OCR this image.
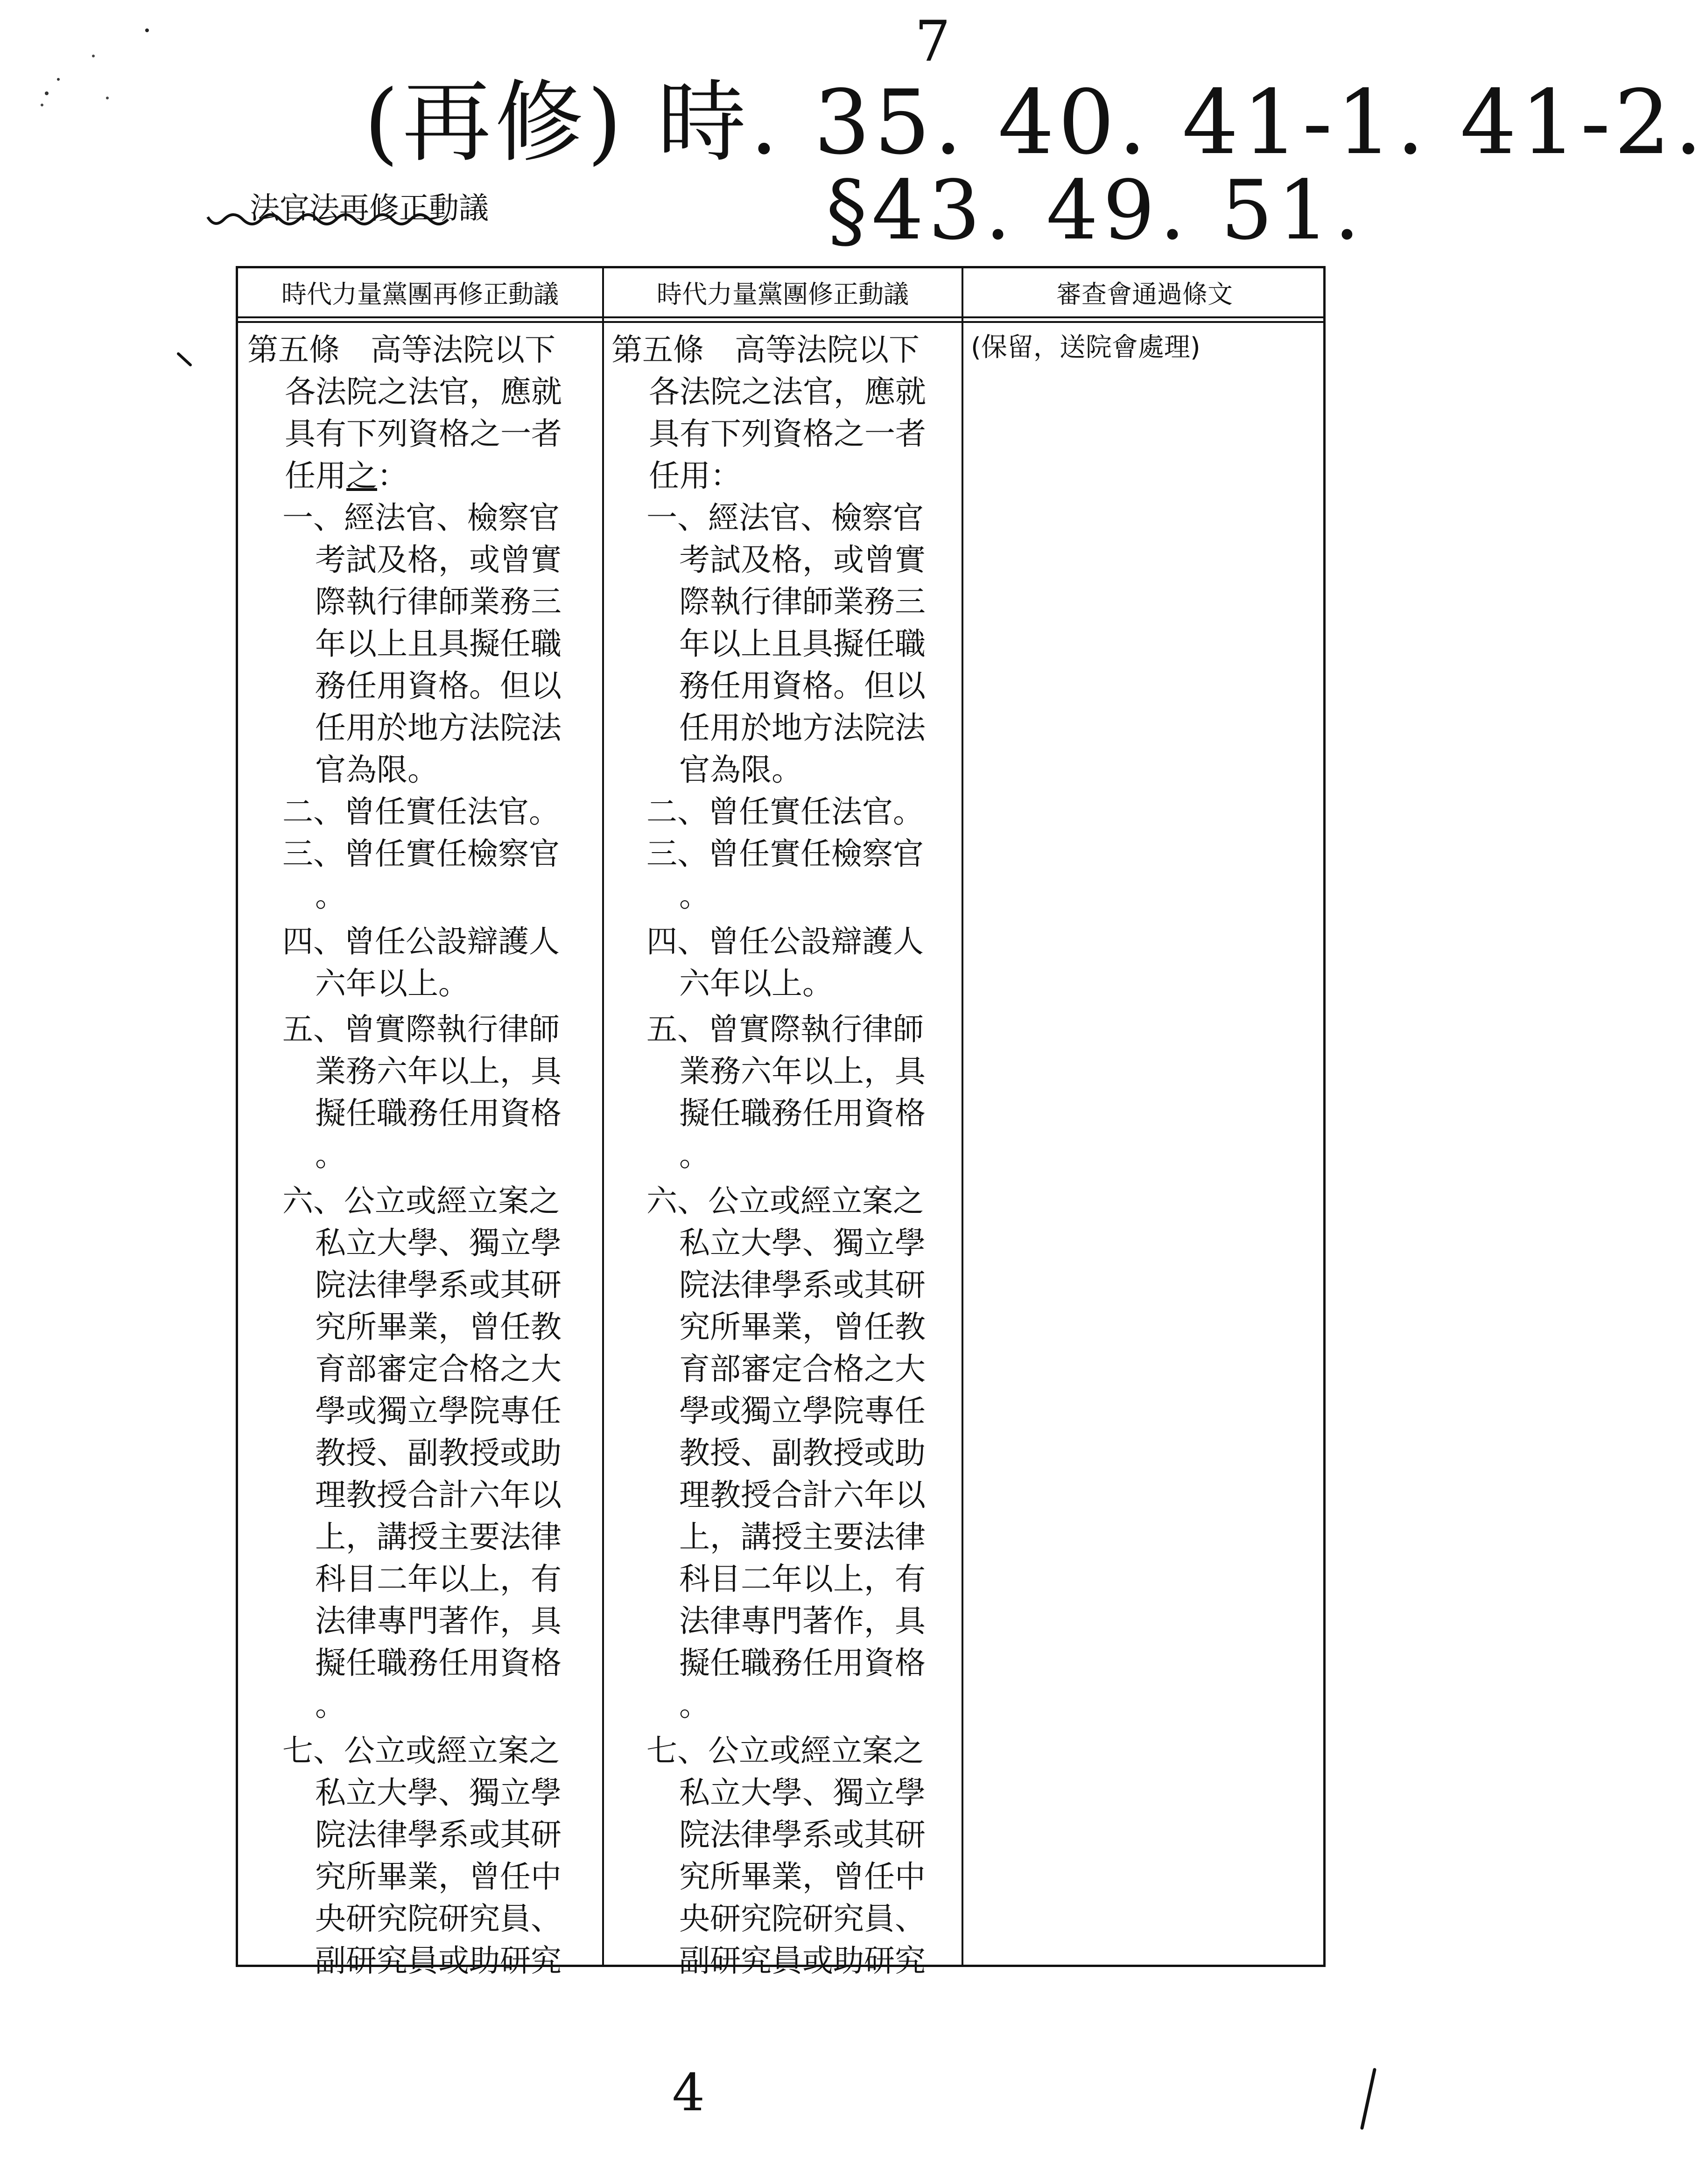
(再修) 時. 35. 40. 41-1. 41-2.
7
§43. 49. 51.
法官法再修正動議
時代力量黨團再修正動議	時代力量黨團修正動議	審查會通過條文
第五條　高等法院以下
各法院之法官，應就
具有下列資格之一者
任用之：
一、經法官、檢察官
考試及格，或曾實
際執行律師業務三
年以上且具擬任職
務任用資格。但以
任用於地方法院法
官為限。
二、曾任實任法官。
三、曾任實任檢察官
。
四、曾任公設辯護人
六年以上。
五、曾實際執行律師
業務六年以上，具
擬任職務任用資格
。
六、公立或經立案之
私立大學、獨立學
院法律學系或其研
究所畢業，曾任教
育部審定合格之大
學或獨立學院專任
教授、副教授或助
理教授合計六年以
上，講授主要法律
科目二年以上，有
法律專門著作，具
擬任職務任用資格
。
七、公立或經立案之
私立大學、獨立學
院法律學系或其研
究所畢業，曾任中
央研究院研究員、
副研究員或助研究
第五條　高等法院以下
各法院之法官，應就
具有下列資格之一者
任用：
一、經法官、檢察官
考試及格，或曾實
際執行律師業務三
年以上且具擬任職
務任用資格。但以
任用於地方法院法
官為限。
二、曾任實任法官。
三、曾任實任檢察官
。
四、曾任公設辯護人
六年以上。
五、曾實際執行律師
業務六年以上，具
擬任職務任用資格
。
六、公立或經立案之
私立大學、獨立學
院法律學系或其研
究所畢業，曾任教
育部審定合格之大
學或獨立學院專任
教授、副教授或助
理教授合計六年以
上，講授主要法律
科目二年以上，有
法律專門著作，具
擬任職務任用資格
。
七、公立或經立案之
私立大學、獨立學
院法律學系或其研
究所畢業，曾任中
央研究院研究員、
副研究員或助研究
(保留，送院會處理)
4
